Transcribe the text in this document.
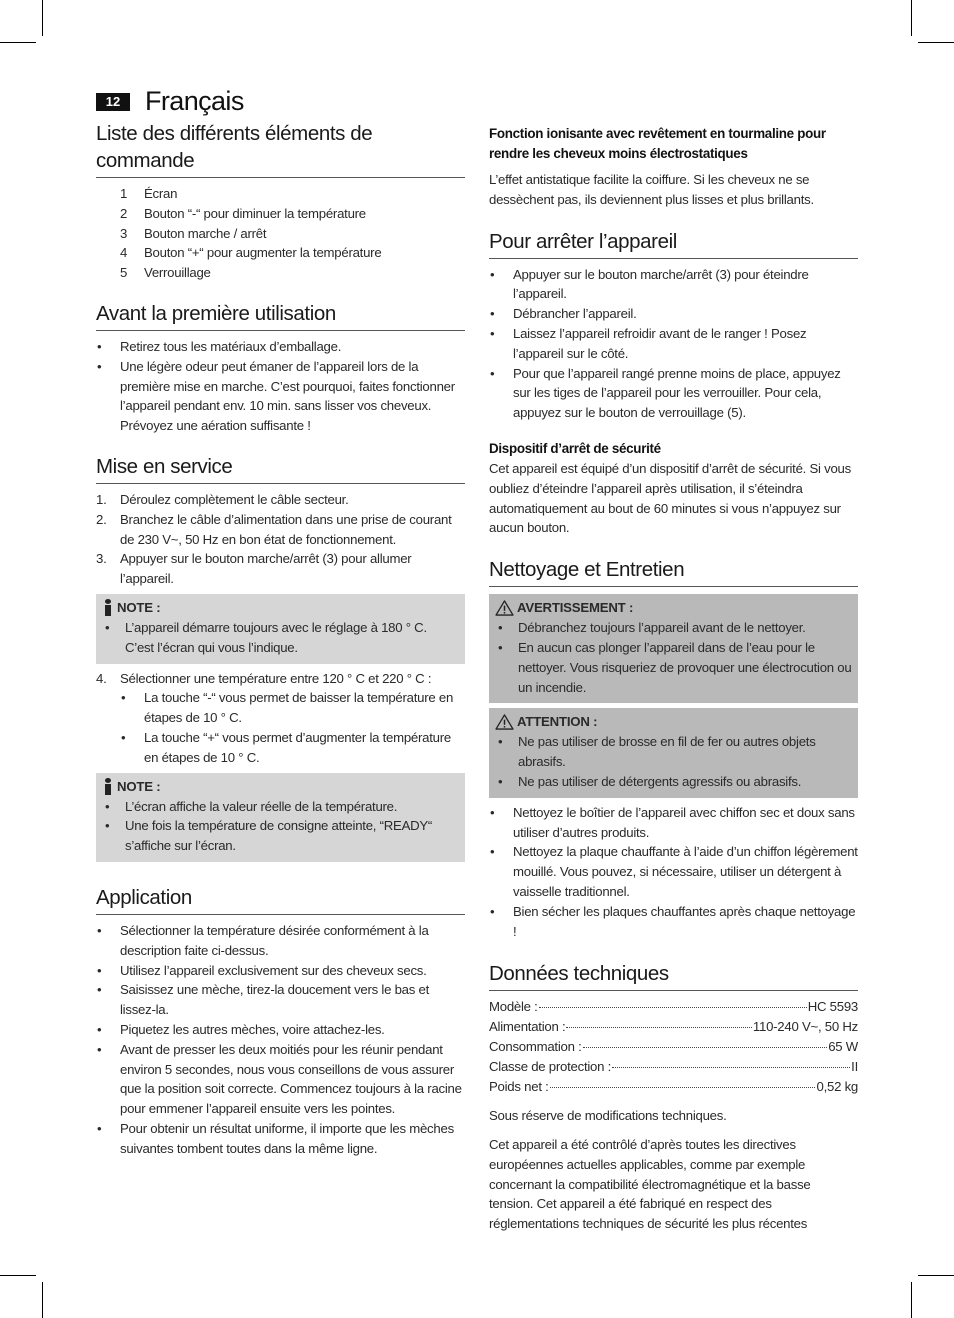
12 Français
Liste des différents éléments de commande
1 Écran
2 Bouton “-“ pour diminuer la température
3 Bouton marche / arrêt
4 Bouton “+“ pour augmenter la température
5 Verrouillage
Avant la première utilisation
• Retirez tous les matériaux d’emballage.
• Une légère odeur peut émaner de l’appareil lors de la première mise en marche. C’est pourquoi, faites fonctionner l’appareil pendant env. 10 min. sans lisser vos cheveux. Prévoyez une aération suffisante !
Mise en service
1. Déroulez complètement le câble secteur.
2. Branchez le câble d’alimentation dans une prise de courant de 230 V~, 50 Hz en bon état de fonctionnement.
3. Appuyer sur le bouton marche/arrêt (3) pour allumer l’appareil.
NOTE :
• L’appareil démarre toujours avec le réglage à 180 ° C. C’est l’écran qui vous l’indique.
4. Sélectionner une température entre 120 ° C et 220 ° C :
• La touche “-“ vous permet de baisser la température en étapes de 10 ° C.
• La touche “+“ vous permet d’augmenter la température en étapes de 10 ° C.
NOTE :
• L’écran affiche la valeur réelle de la température.
• Une fois la température de consigne atteinte, “READY“ s’affiche sur l’écran.
Application
• Sélectionner la température désirée conformément à la description faite ci-dessus.
• Utilisez l’appareil exclusivement sur des cheveux secs.
• Saisissez une mèche, tirez-la doucement vers le bas et lissez-la.
• Piquetez les autres mèches, voire attachez-les.
• Avant de presser les deux moitiés pour les réunir pendant environ 5 secondes, nous vous conseillons de vous assurer que la position soit correcte. Commencez toujours à la racine pour emmener l’appareil ensuite vers les pointes.
• Pour obtenir un résultat uniforme, il importe que les mèches suivantes tombent toutes dans la même ligne.
Fonction ionisante avec revêtement en tourmaline pour rendre les cheveux moins électrostatiques

L’effet antistatique facilite la coiffure. Si les cheveux ne se dessèchent pas, ils deviennent plus lisses et plus brillants.

Pour arrêter l’appareil
• Appuyer sur le bouton marche/arrêt (3) pour éteindre l’appareil.
• Débrancher l’appareil.
• Laissez l’appareil refroidir avant de le ranger ! Posez l’appareil sur le côté.
• Pour que l’appareil rangé prenne moins de place, appuyez sur les tiges de l’appareil pour les verrouiller. Pour cela, appuyez sur le bouton de verrouillage (5).
Dispositif d’arrêt de sécurité

Cet appareil est équipé d’un dispositif d’arrêt de sécurité. Si vous oubliez d’éteindre l’appareil après utilisation, il s’éteindra automatiquement au bout de 60 minutes si vous n’appuyez sur aucun bouton.

Nettoyage et Entretien
AVERTISSEMENT :
• Débranchez toujours l’appareil avant de le nettoyer.
• En aucun cas plonger l’appareil dans de l’eau pour le nettoyer. Vous risqueriez de provoquer une électrocution ou un incendie.
ATTENTION :
• Ne pas utiliser de brosse en fil de fer ou autres objets abrasifs.
• Ne pas utiliser de détergents agressifs ou abrasifs.
• Nettoyez le boîtier de l’appareil avec chiffon sec et doux sans utiliser d’autres produits.
• Nettoyez la plaque chauffante à l’aide d’un chiffon légèrement mouillé. Vous pouvez, si nécessaire, utiliser un détergent à vaisselle traditionnel.
• Bien sécher les plaques chauffantes après chaque nettoyage !
Données techniques
Modèle :	HC 5593
Alimentation :	110-240 V~, 50 Hz
Consommation :	65 W
Classe de protection :	II
Poids net :	0,52 kg

Sous réserve de modifications techniques.

Cet appareil a été contrôlé d’après toutes les directives européennes actuelles applicables, comme par exemple concernant la compatibilité électromagnétique et la basse tension. Cet appareil a été fabriqué en respect des réglementations techniques de sécurité les plus récentes
